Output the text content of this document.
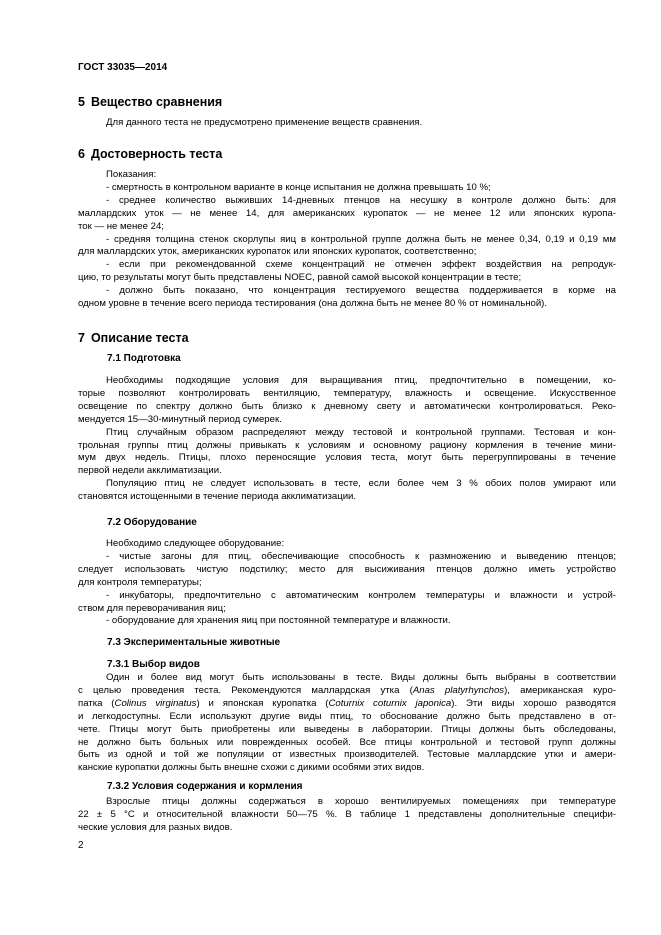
ГОСТ 33035—2014

5 Вещество сравнения
Для данного теста не предусмотрено применение веществ сравнения.
6 Достоверность теста
Показания:
- смертность в контрольном варианте в конце испытания не должна превышать 10 %;
- среднее количество выживших 14-дневных птенцов на несушку в контроле должно быть: для
маллардских уток — не менее 14, для американских куропаток — не менее 12 или японских куропа-
ток — не менее 24;
- средняя толщина стенок скорлупы яиц в контрольной группе должна быть не менее 0,34, 0,19 и 0,19 мм
для маллардских уток, американских куропаток или японских куропаток, соответственно;
- если при рекомендованной схеме концентраций не отмечен эффект воздействия на репродук-
цию, то результаты могут быть представлены NOEC, равной самой высокой концентрации в тесте;
- должно быть показано, что концентрация тестируемого вещества поддерживается в корме на
одном уровне в течение всего периода тестирования (она должна быть не менее 80 % от номинальной).
7 Описание теста
7.1 Подготовка
Необходимы подходящие условия для выращивания птиц, предпочтительно в помещении, ко-
торые позволяют контролировать вентиляцию, температуру, влажность и освещение. Искусственное
освещение по спектру должно быть близко к дневному свету и автоматически контролироваться. Реко-
мендуется 15—30-минутный период сумерек.
Птиц случайным образом распределяют между тестовой и контрольной группами. Тестовая и кон-
трольная группы птиц должны привыкать к условиям и основному рациону кормления в течение мини-
мум двух недель. Птицы, плохо переносящие условия теста, могут быть перегруппированы в течение
первой недели акклиматизации.
Популяцию птиц не следует использовать в тесте, если более чем 3 % обоих полов умирают или
становятся истощенными в течение периода акклиматизации.
7.2 Оборудование
Необходимо следующее оборудование:
- чистые загоны для птиц, обеспечивающие способность к размножению и выведению птенцов;
следует использовать чистую подстилку; место для высиживания птенцов должно иметь устройство
для контроля температуры;
- инкубаторы, предпочтительно с автоматическим контролем температуры и влажности и устрой-
ством для переворачивания яиц;
- оборудование для хранения яиц при постоянной температуре и влажности.
7.3 Экспериментальные животные
7.3.1 Выбор видов
Один и более вид могут быть использованы в тесте. Виды должны быть выбраны в соответствии
с целью проведения теста. Рекомендуются маллардская утка (Anas platyrhynchos), американская куро-
патка (Colinus virginatus) и японская куропатка (Coturnix coturnix japonica). Эти виды хорошо разводятся
и легкодоступны. Если используют другие виды птиц, то обоснование должно быть представлено в от-
чете. Птицы могут быть приобретены или выведены в лаборатории. Птицы должны быть обследованы,
не должно быть больных или поврежденных особей. Все птицы контрольной и тестовой групп должны
быть из одной и той же популяции от известных производителей. Тестовые маллардские утки и амери-
канские куропатки должны быть внешне схожи с дикими особями этих видов.
7.3.2 Условия содержания и кормления
Взрослые птицы должны содержаться в хорошо вентилируемых помещениях при температуре
22 ± 5 °С и относительной влажности 50—75 %. В таблице 1 представлены дополнительные специфи-
ческие условия для разных видов.

2
